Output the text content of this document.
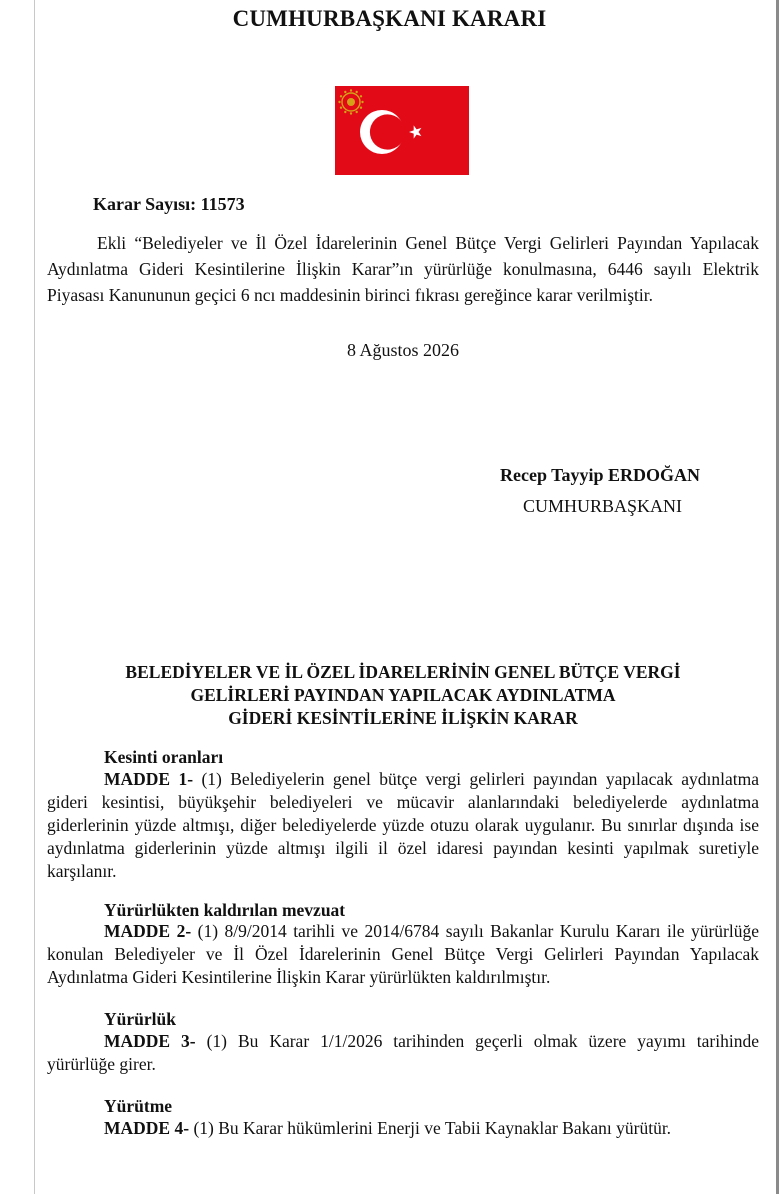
CUMHURBAŞKANI KARARI
Karar Sayısı: 11573
Ekli “Belediyeler ve İl Özel İdarelerinin Genel Bütçe Vergi Gelirleri Payından Yapılacak Aydınlatma Gideri Kesintilerine İlişkin Karar”ın yürürlüğe konulmasına, 6446 sayılı Elektrik Piyasası Kanununun geçici 6 ncı maddesinin birinci fıkrası gereğince karar verilmiştir.
8 Ağustos 2026
Recep Tayyip ERDOĞAN
CUMHURBAŞKANI
BELEDİYELER VE İL ÖZEL İDARELERİNİN GENEL BÜTÇE VERGİ
GELİRLERİ PAYINDAN YAPILACAK AYDINLATMA
GİDERİ KESİNTİLERİNE İLİŞKİN KARAR
Kesinti oranları
MADDE 1- (1) Belediyelerin genel bütçe vergi gelirleri payından yapılacak aydınlatma gideri kesintisi, büyükşehir belediyeleri ve mücavir alanlarındaki belediyelerde aydınlatma giderlerinin yüzde altmışı, diğer belediyelerde yüzde otuzu olarak uygulanır. Bu sınırlar dışında ise aydınlatma giderlerinin yüzde altmışı ilgili il özel idaresi payından kesinti yapılmak suretiyle karşılanır.
Yürürlükten kaldırılan mevzuat
MADDE 2- (1) 8/9/2014 tarihli ve 2014/6784 sayılı Bakanlar Kurulu Kararı ile yürürlüğe konulan Belediyeler ve İl Özel İdarelerinin Genel Bütçe Vergi Gelirleri Payından Yapılacak Aydınlatma Gideri Kesintilerine İlişkin Karar yürürlükten kaldırılmıştır.
Yürürlük
MADDE 3- (1) Bu Karar 1/1/2026 tarihinden geçerli olmak üzere yayımı tarihinde yürürlüğe girer.
Yürütme
MADDE 4- (1) Bu Karar hükümlerini Enerji ve Tabii Kaynaklar Bakanı yürütür.
